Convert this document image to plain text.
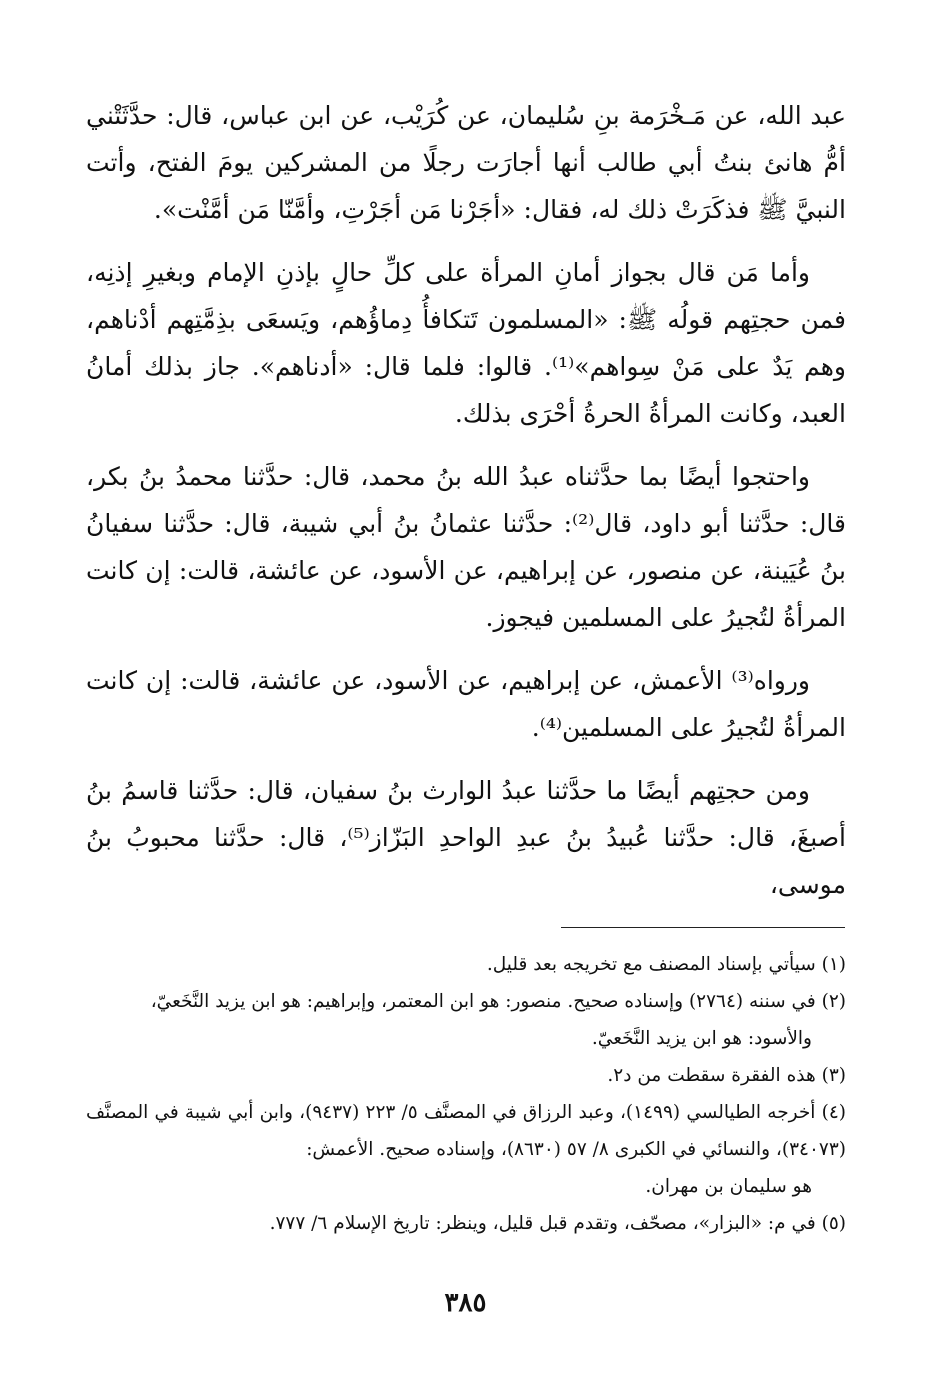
عبد الله، عن مَـخْرَمة بنِ سُليمان، عن كُرَيْب، عن ابن عباس، قال: حدَّثَتْني أمُّ هانئ بنتُ أبي طالب أنها أجارَت رجلًا من المشركين يومَ الفتح، وأتت النبيَّ ﷺ فذكَرَتْ ذلك له، فقال: «أجَرْنا مَن أجَرْتِ، وأمَّنّا مَن أمَّنْت».

وأما مَن قال بجواز أمانِ المرأة على كلِّ حالٍ بإذنِ الإمام وبغيرِ إذنِه، فمن حجتِهم قولُه ﷺ: «المسلمون تَتكافأُ دِماؤُهم، ويَسعَى بذِمَّتِهم أدْناهم، وهم يَدٌ على مَنْ سِواهم»⁽¹⁾. قالوا: فلما قال: «أدناهم». جاز بذلك أمانُ العبد، وكانت المرأةُ الحرةُ أحْرَى بذلك.

واحتجوا أيضًا بما حدَّثناه عبدُ الله بنُ محمد، قال: حدَّثنا محمدُ بنُ بكر، قال: حدَّثنا أبو داود، قال⁽²⁾: حدَّثنا عثمانُ بنُ أبي شيبة، قال: حدَّثنا سفيانُ بنُ عُيَينة، عن منصور، عن إبراهيم، عن الأسود، عن عائشة، قالت: إن كانت المرأةُ لتُجيرُ على المسلمين فيجوز.

ورواه⁽³⁾ الأعمش، عن إبراهيم، عن الأسود، عن عائشة، قالت: إن كانت المرأةُ لتُجيرُ على المسلمين⁽⁴⁾.

ومن حجتِهم أيضًا ما حدَّثنا عبدُ الوارث بنُ سفيان، قال: حدَّثنا قاسمُ بنُ أصبغَ، قال: حدَّثنا عُبيدُ بنُ عبدِ الواحدِ البَزّاز⁽⁵⁾، قال: حدَّثنا محبوبُ بنُ موسى،

(١) سيأتي بإسناد المصنف مع تخريجه بعد قليل.
(٢) في سننه (٢٧٦٤) وإسناده صحيح. منصور: هو ابن المعتمر، وإبراهيم: هو ابن يزيد النَّخَعيّ،
والأسود: هو ابن يزيد النَّخَعيّ.
(٣) هذه الفقرة سقطت من د٢.
(٤) أخرجه الطيالسي (١٤٩٩)، وعبد الرزاق في المصنَّف ٥/ ٢٢٣ (٩٤٣٧)، وابن أبي شيبة في المصنَّف (٣٤٠٧٣)، والنسائي في الكبرى ٨/ ٥٧ (٨٦٣٠)، وإسناده صحيح. الأعمش:
هو سليمان بن مهران.
(٥) في م: «البزار»، مصحّف، وتقدم قبل قليل، وينظر: تاريخ الإسلام ٦/ ٧٧٧.
٣٨٥
